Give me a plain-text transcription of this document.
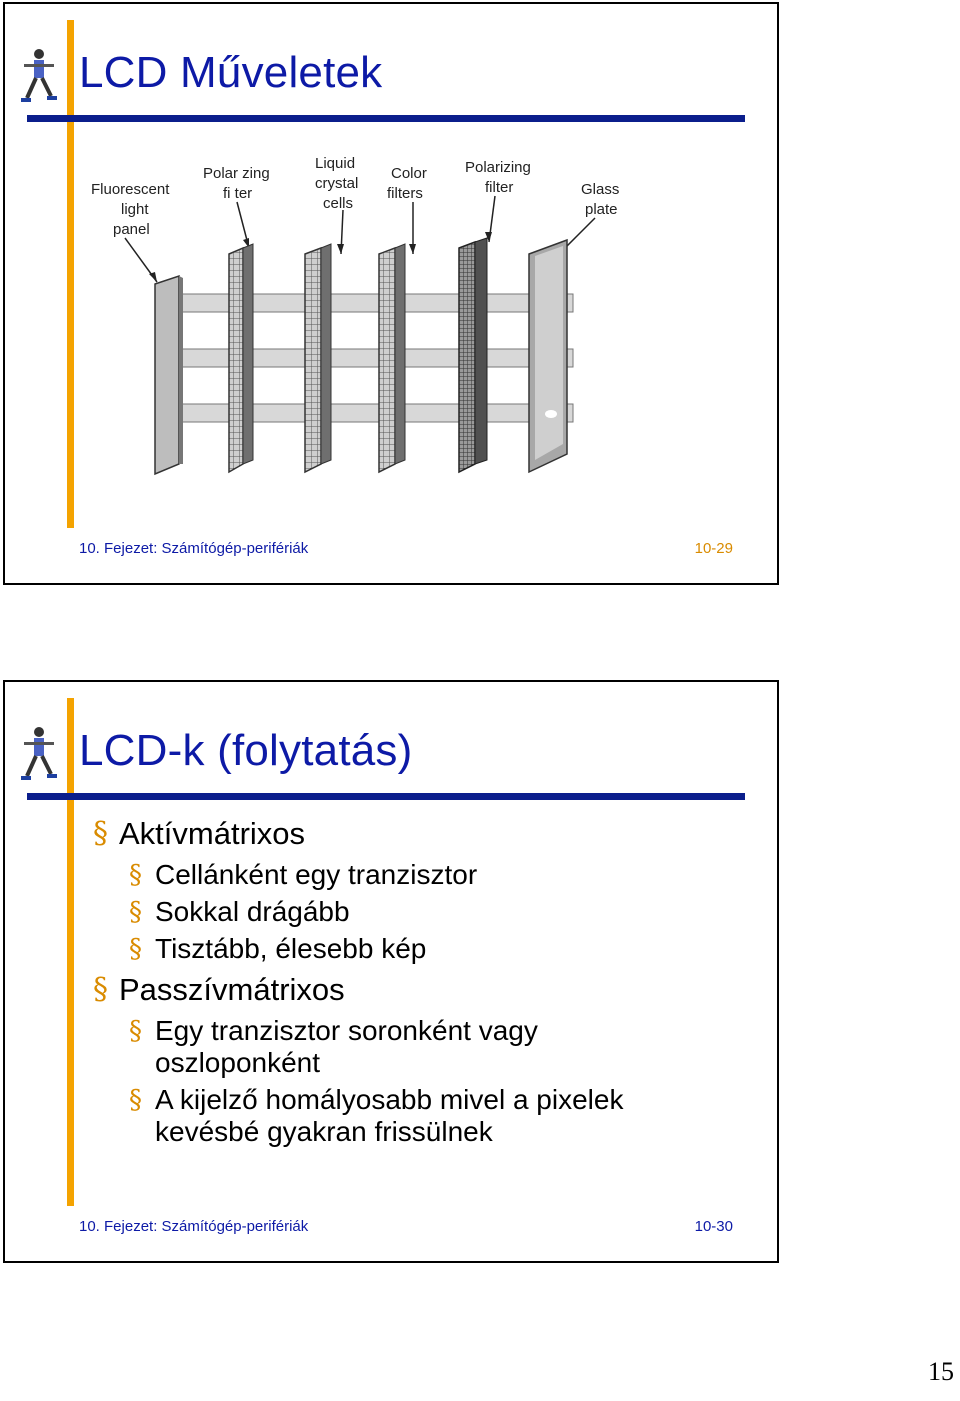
LCD Műveletek
Fluorescent
light
panel
Polar zing
fi ter
Liquid
crystal
cells
Color
filters
Polarizing
filter	Glass
plate
10. Fejezet: Számítógép-perifériák	10-29
LCD-k (folytatás)
§ Aktívmátrixos
§ Cellánként egy tranzisztor
§ Sokkal drágább
§ Tisztább, élesebb kép
§ Passzívmátrixos
§ Egy tranzisztor soronként vagy oszloponként
§ A kijelző homályosabb mivel a pixelek kevésbé gyakran frissülnek
10. Fejezet: Számítógép-perifériák	10-30
15
